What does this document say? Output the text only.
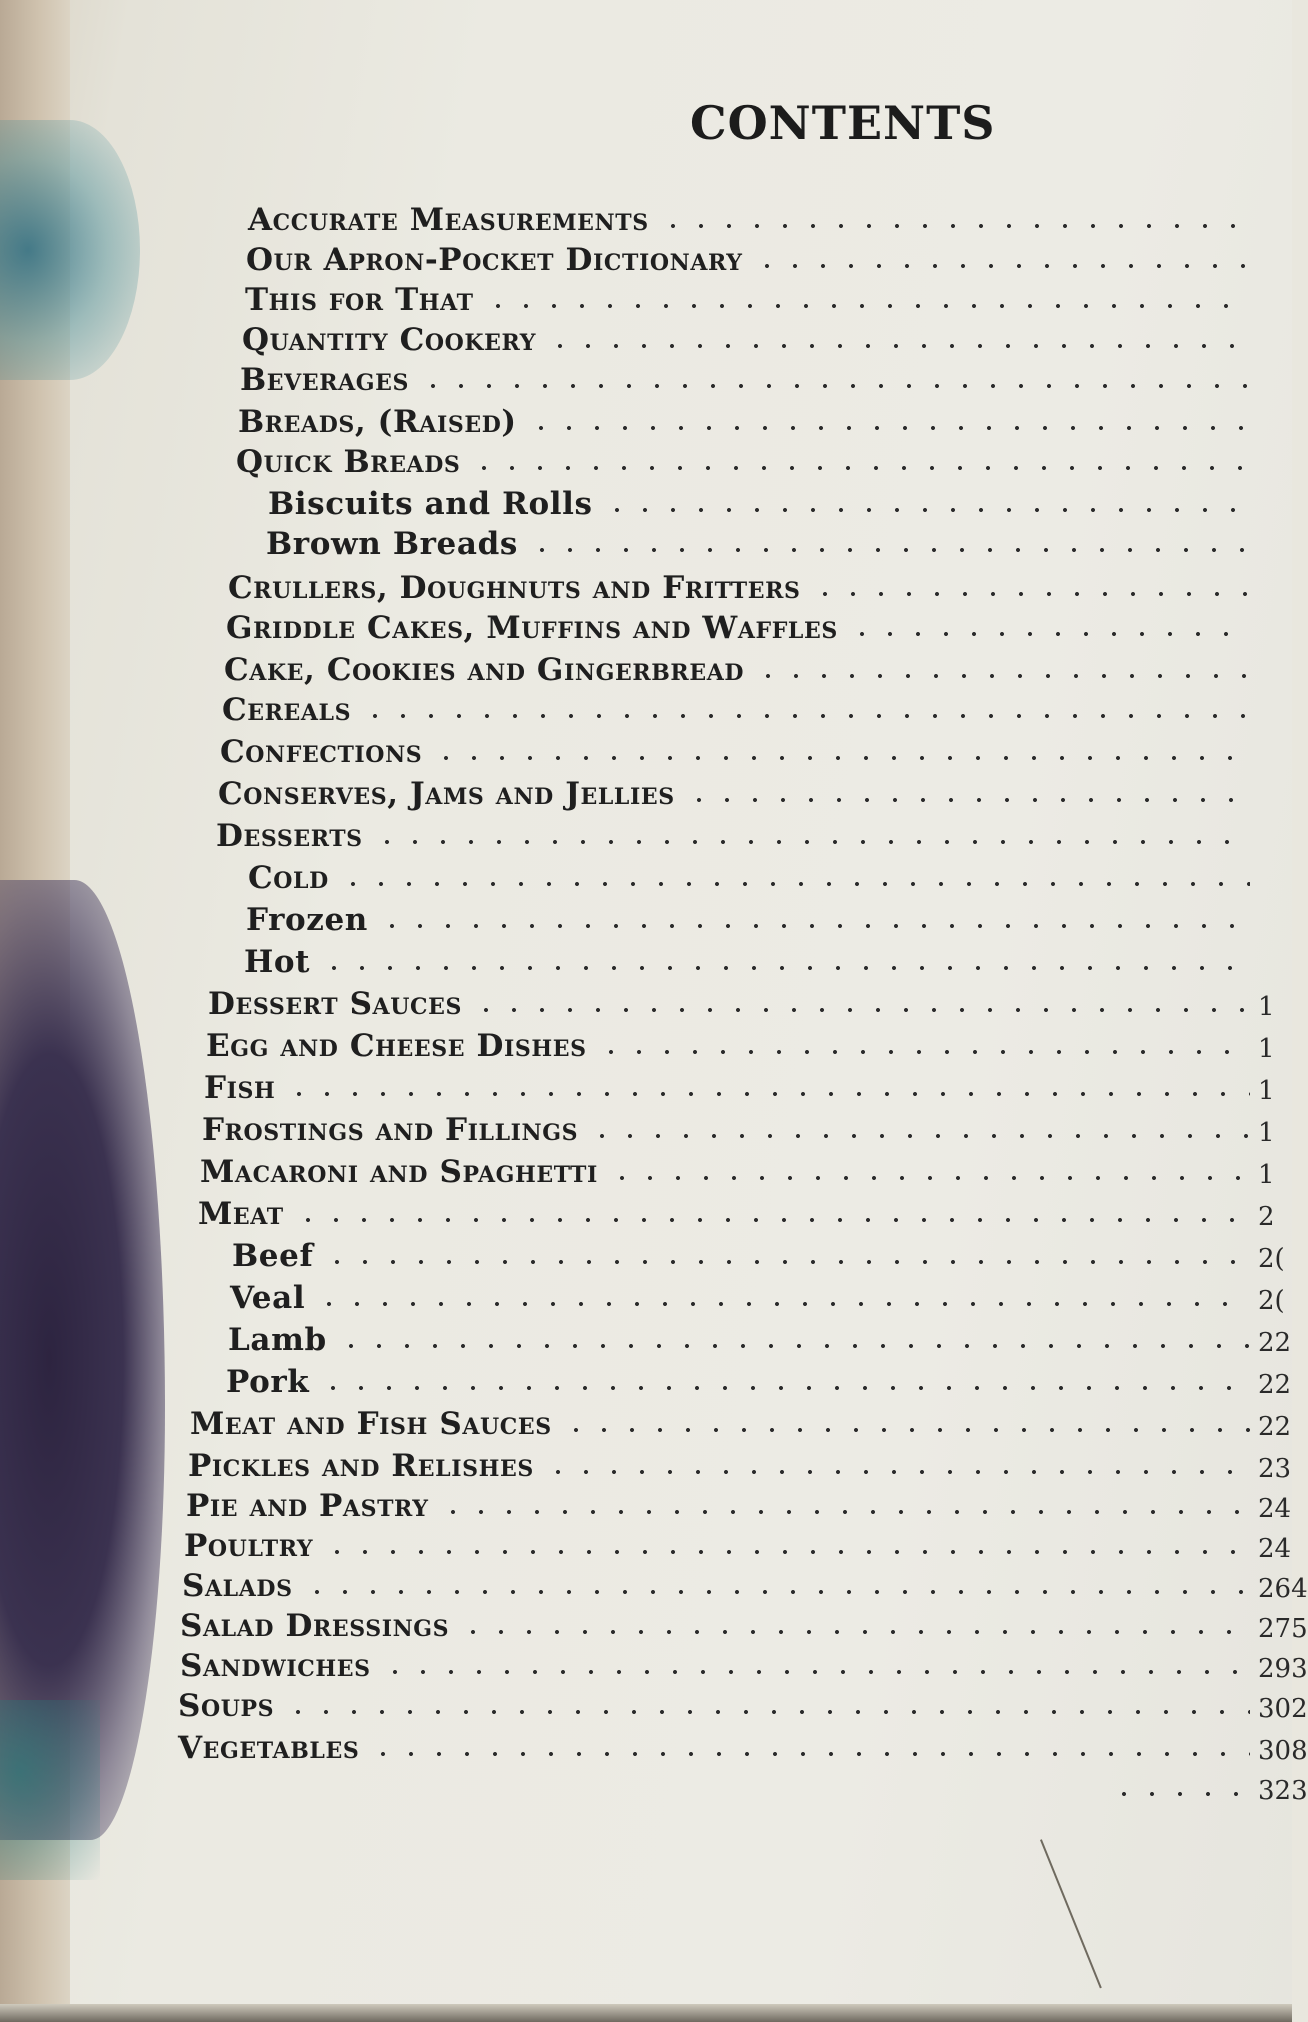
CONTENTS
Accurate Measurements
Our Apron-Pocket Dictionary
This for That
Quantity Cookery
Beverages
Breads, (Raised)
Quick Breads
Biscuits and Rolls
Brown Breads
Crullers, Doughnuts and Fritters
Griddle Cakes, Muffins and Waffles
Cake, Cookies and Gingerbread
Cereals
Confections
Conserves, Jams and Jellies
Desserts
Cold
Frozen
Hot
Dessert Sauces	1
Egg and Cheese Dishes	1
Fish	1
Frostings and Fillings	1
Macaroni and Spaghetti	1
Meat	2
Beef	2(
Veal	2(
Lamb	22
Pork	22
Meat and Fish Sauces	22
Pickles and Relishes	23
Pie and Pastry	24
Poultry	24
Salads	264
Salad Dressings	275
Sandwiches	293
Soups	302
Vegetables	308
323
